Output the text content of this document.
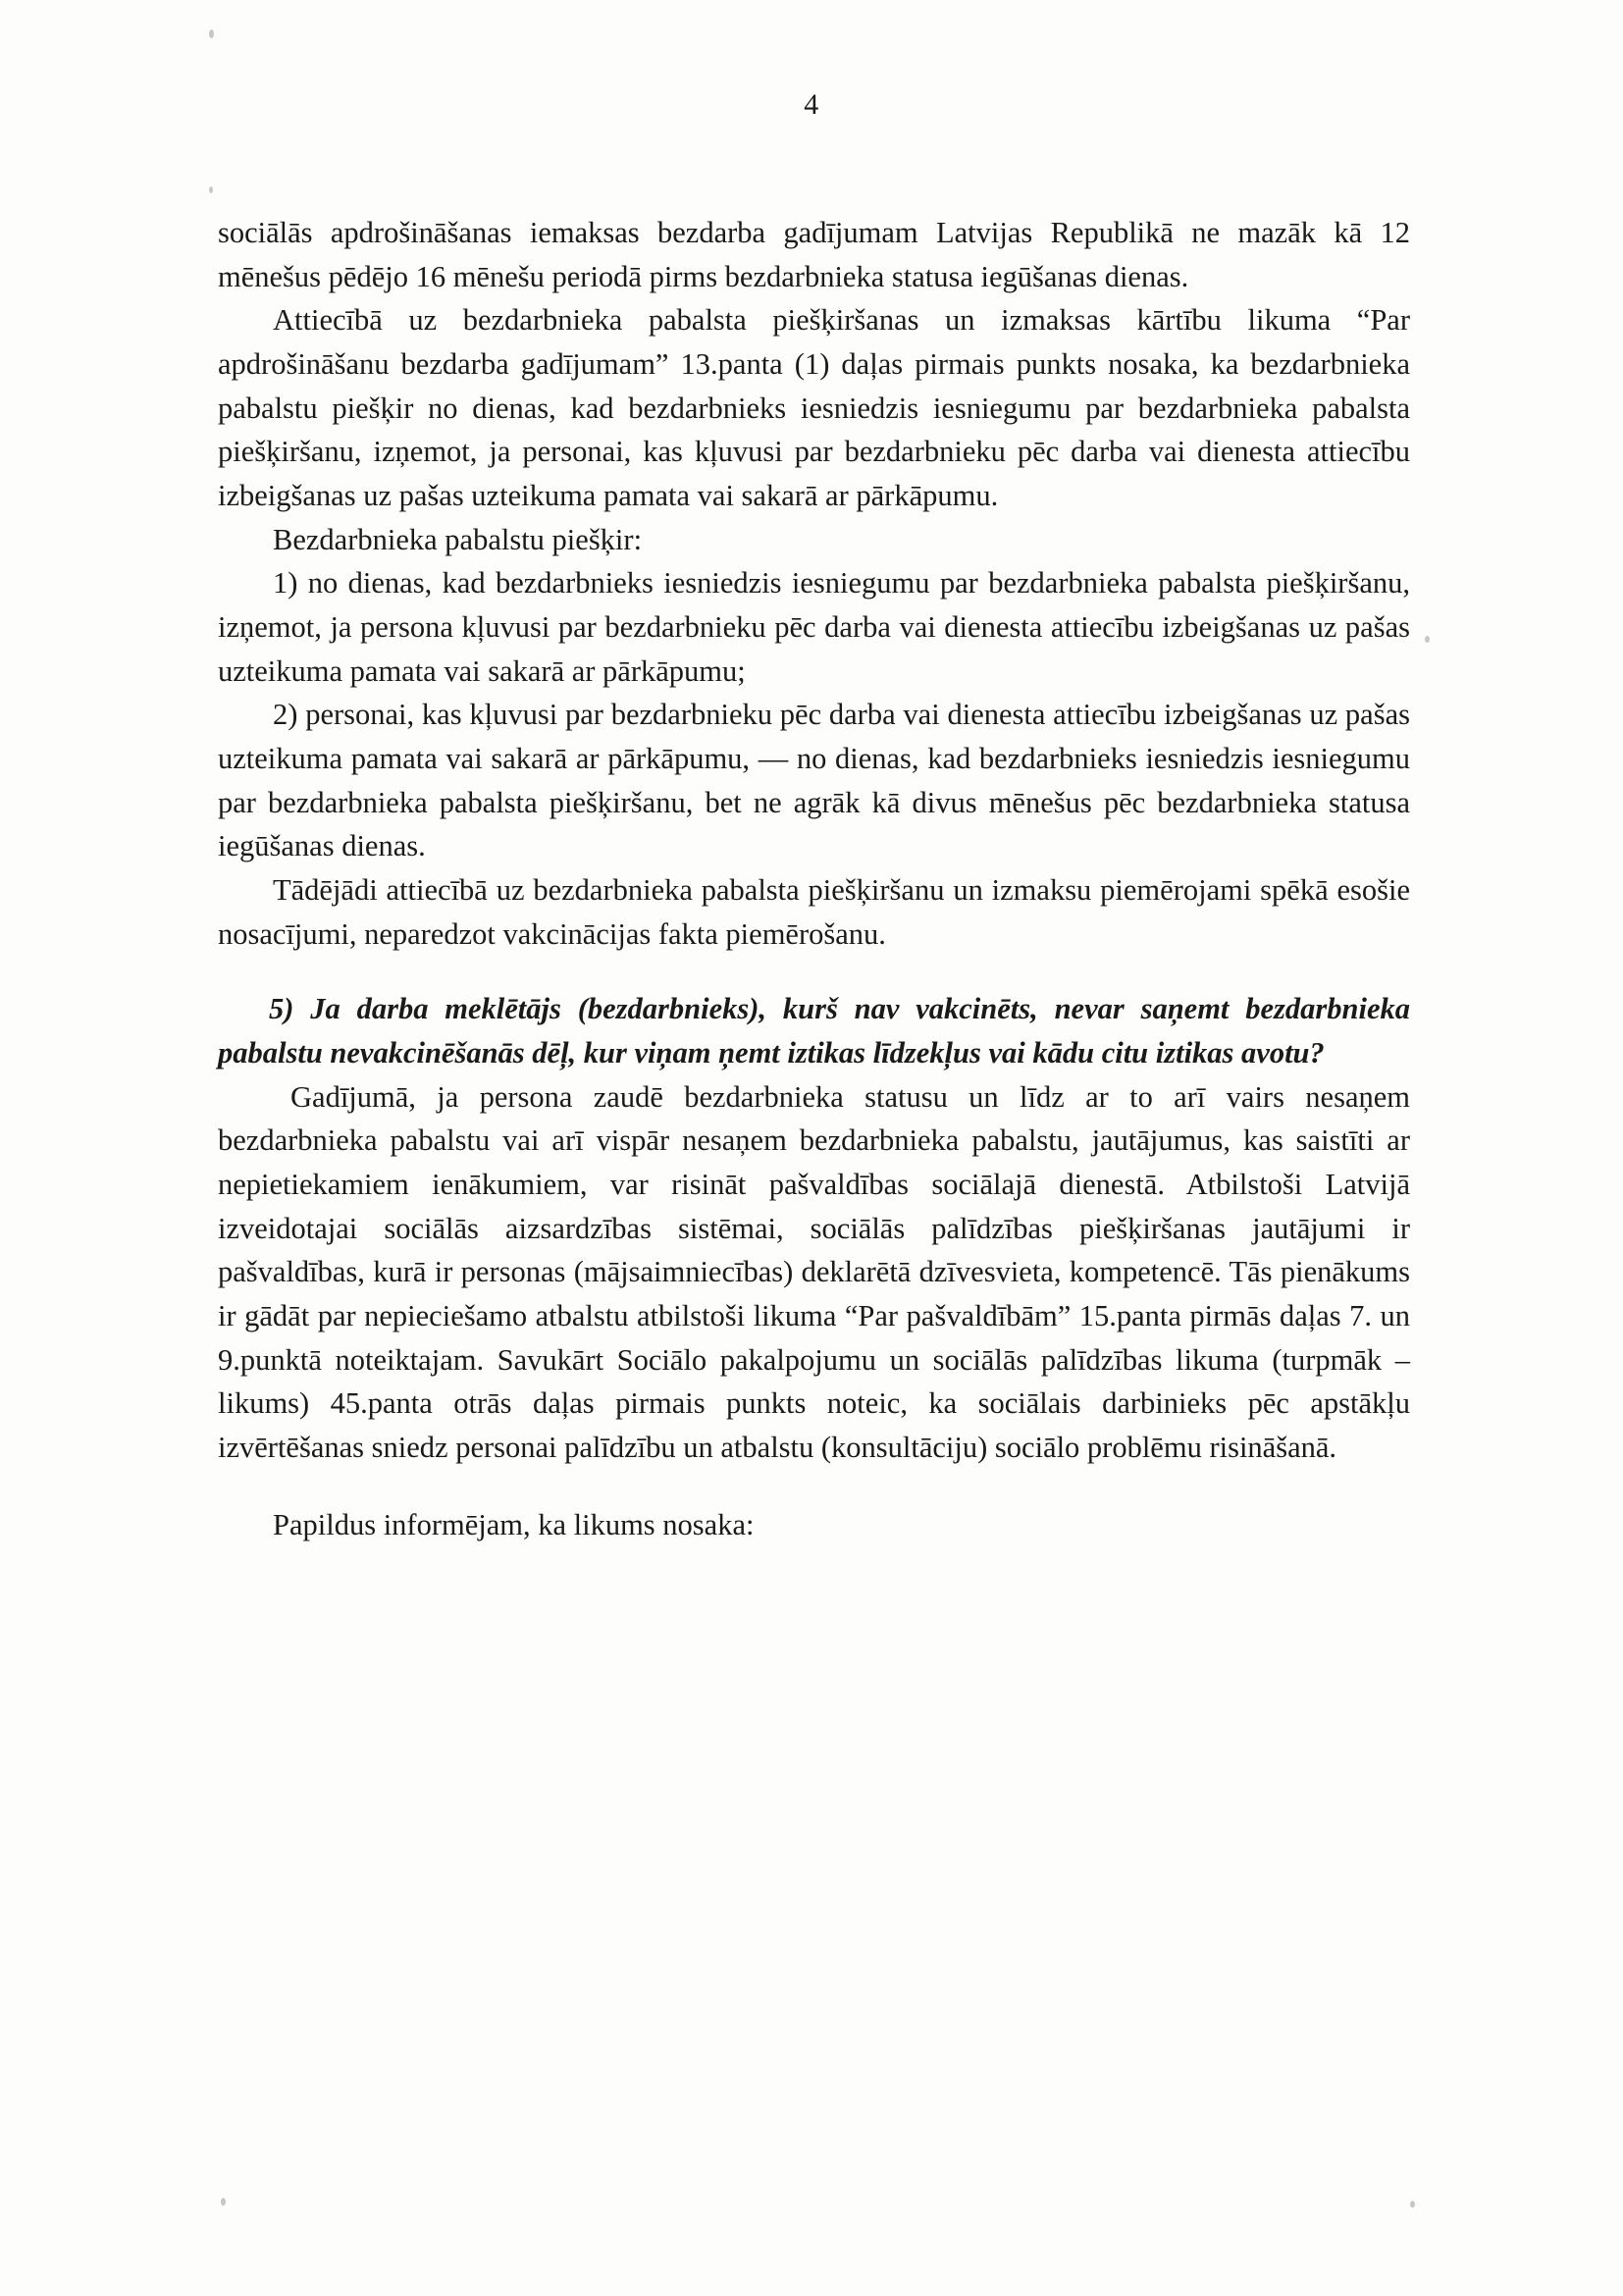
4

sociālās apdrošināšanas iemaksas bezdarba gadījumam Latvijas Republikā ne mazāk kā 12 mēnešus pēdējo 16 mēnešu periodā pirms bezdarbnieka statusa iegūšanas dienas.

Attiecībā uz bezdarbnieka pabalsta piešķiršanas un izmaksas kārtību likuma “Par apdrošināšanu bezdarba gadījumam” 13.panta (1) daļas pirmais punkts nosaka, ka bezdarbnieka pabalstu piešķir no dienas, kad bezdarbnieks iesniedzis iesniegumu par bezdarbnieka pabalsta piešķiršanu, izņemot, ja personai, kas kļuvusi par bezdarbnieku pēc darba vai dienesta attiecību izbeigšanas uz pašas uzteikuma pamata vai sakarā ar pārkāpumu.

Bezdarbnieka pabalstu piešķir:

1) no dienas, kad bezdarbnieks iesniedzis iesniegumu par bezdarbnieka pabalsta piešķiršanu, izņemot, ja persona kļuvusi par bezdarbnieku pēc darba vai dienesta attiecību izbeigšanas uz pašas uzteikuma pamata vai sakarā ar pārkāpumu;

2) personai, kas kļuvusi par bezdarbnieku pēc darba vai dienesta attiecību izbeigšanas uz pašas uzteikuma pamata vai sakarā ar pārkāpumu, — no dienas, kad bezdarbnieks iesniedzis iesniegumu par bezdarbnieka pabalsta piešķiršanu, bet ne agrāk kā divus mēnešus pēc bezdarbnieka statusa iegūšanas dienas.

Tādējādi attiecībā uz bezdarbnieka pabalsta piešķiršanu un izmaksu piemērojami spēkā esošie nosacījumi, neparedzot vakcinācijas fakta piemērošanu.

5) Ja darba meklētājs (bezdarbnieks), kurš nav vakcinēts, nevar saņemt bezdarbnieka pabalstu nevakcinēšanās dēļ, kur viņam ņemt iztikas līdzekļus vai kādu citu iztikas avotu?

Gadījumā, ja persona zaudē bezdarbnieka statusu un līdz ar to arī vairs nesaņem bezdarbnieka pabalstu vai arī vispār nesaņem bezdarbnieka pabalstu, jautājumus, kas saistīti ar nepietiekamiem ienākumiem, var risināt pašvaldības sociālajā dienestā. Atbilstoši Latvijā izveidotajai sociālās aizsardzības sistēmai, sociālās palīdzības piešķiršanas jautājumi ir pašvaldības, kurā ir personas (mājsaimniecības) deklarētā dzīvesvieta, kompetencē. Tās pienākums ir gādāt par nepieciešamo atbalstu atbilstoši likuma “Par pašvaldībām” 15.panta pirmās daļas 7. un 9.punktā noteiktajam. Savukārt Sociālo pakalpojumu un sociālās palīdzības likuma (turpmāk – likums) 45.panta otrās daļas pirmais punkts noteic, ka sociālais darbinieks pēc apstākļu izvērtēšanas sniedz personai palīdzību un atbalstu (konsultāciju) sociālo problēmu risināšanā.

Papildus informējam, ka likums nosaka:
